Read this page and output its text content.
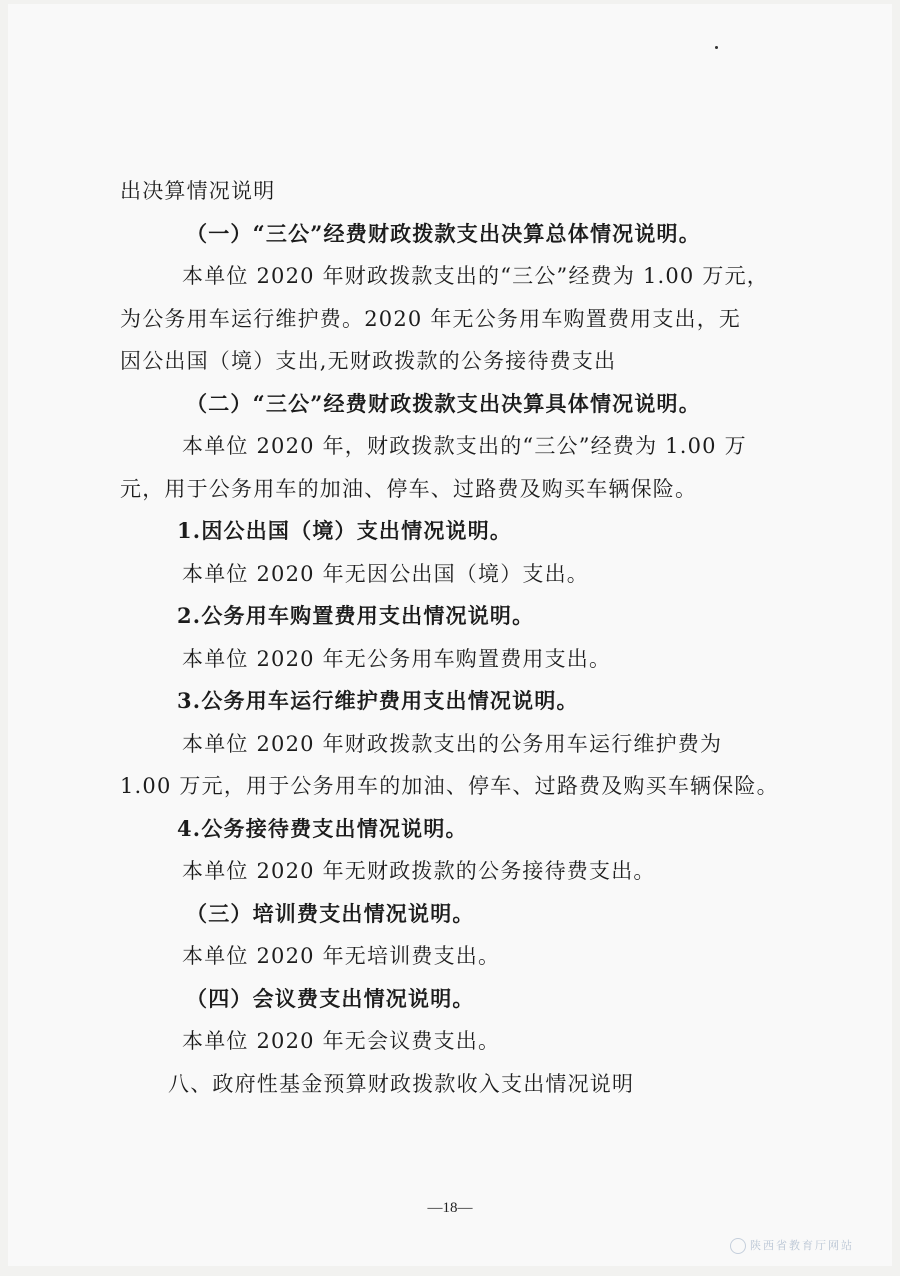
出决算情况说明
（一）“三公”经费财政拨款支出决算总体情况说明。
本单位 2020 年财政拨款支出的“三公”经费为 1.00 万元，
为公务用车运行维护费。2020 年无公务用车购置费用支出，无
因公出国（境）支出,无财政拨款的公务接待费支出
（二）“三公”经费财政拨款支出决算具体情况说明。
本单位 2020 年，财政拨款支出的“三公”经费为 1.00 万
元，用于公务用车的加油、停车、过路费及购买车辆保险。
1.因公出国（境）支出情况说明。
本单位 2020 年无因公出国（境）支出。
2.公务用车购置费用支出情况说明。
本单位 2020 年无公务用车购置费用支出。
3.公务用车运行维护费用支出情况说明。
本单位 2020 年财政拨款支出的公务用车运行维护费为
1.00 万元，用于公务用车的加油、停车、过路费及购买车辆保险。
4.公务接待费支出情况说明。
本单位 2020 年无财政拨款的公务接待费支出。
（三）培训费支出情况说明。
本单位 2020 年无培训费支出。
（四）会议费支出情况说明。
本单位 2020 年无会议费支出。
八、政府性基金预算财政拨款收入支出情况说明
—18—
陕西省教育厅网站
